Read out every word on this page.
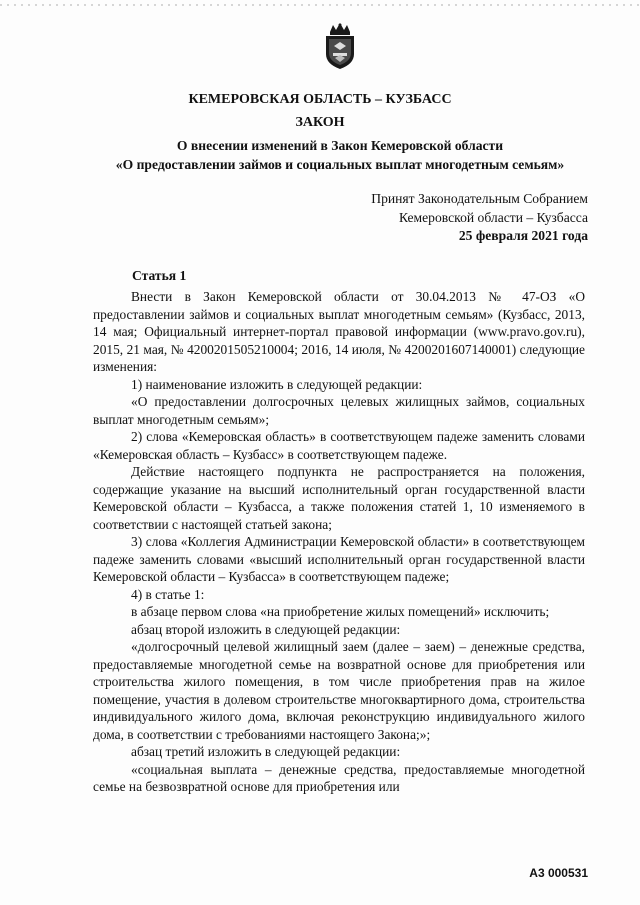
КЕМЕРОВСКАЯ ОБЛАСТЬ – КУЗБАСС
ЗАКОН
О внесении изменений в Закон Кемеровской области
«О предоставлении займов и социальных выплат многодетным семьям»
Принят Законодательным Собранием
Кемеровской области – Кузбасса
25 февраля 2021 года
Статья 1

Внести в Закон Кемеровской области от 30.04.2013 № 47-ОЗ «О предоставлении займов и социальных выплат многодетным семьям» (Кузбасс, 2013, 14 мая; Официальный интернет-портал правовой информации (www.pravo.gov.ru), 2015, 21 мая, № 4200201505210004; 2016, 14 июля, № 4200201607140001) следующие изменения:

1) наименование изложить в следующей редакции:

«О предоставлении долгосрочных целевых жилищных займов, социальных выплат многодетным семьям»;

2) слова «Кемеровская область» в соответствующем падеже заменить словами «Кемеровская область – Кузбасс» в соответствующем падеже.

Действие настоящего подпункта не распространяется на положения, содержащие указание на высший исполнительный орган государственной власти Кемеровской области – Кузбасса, а также положения статей 1, 10 изменяемого в соответствии с настоящей статьей закона;

3) слова «Коллегия Администрации Кемеровской области» в соответствующем падеже заменить словами «высший исполнительный орган государственной власти Кемеровской области – Кузбасса» в соответствующем падеже;

4) в статье 1:

в абзаце первом слова «на приобретение жилых помещений» исключить;

абзац второй изложить в следующей редакции:

«долгосрочный целевой жилищный заем (далее – заем) – денежные средства, предоставляемые многодетной семье на возвратной основе для приобретения или строительства жилого помещения, в том числе приобретения прав на жилое помещение, участия в долевом строительстве многоквартирного дома, строительства индивидуального жилого дома, включая реконструкцию индивидуального жилого дома, в соответствии с требованиями настоящего Закона;»;

абзац третий изложить в следующей редакции:

«социальная выплата – денежные средства, предоставляемые многодетной семье на безвозвратной основе для приобретения или

А3 000531
